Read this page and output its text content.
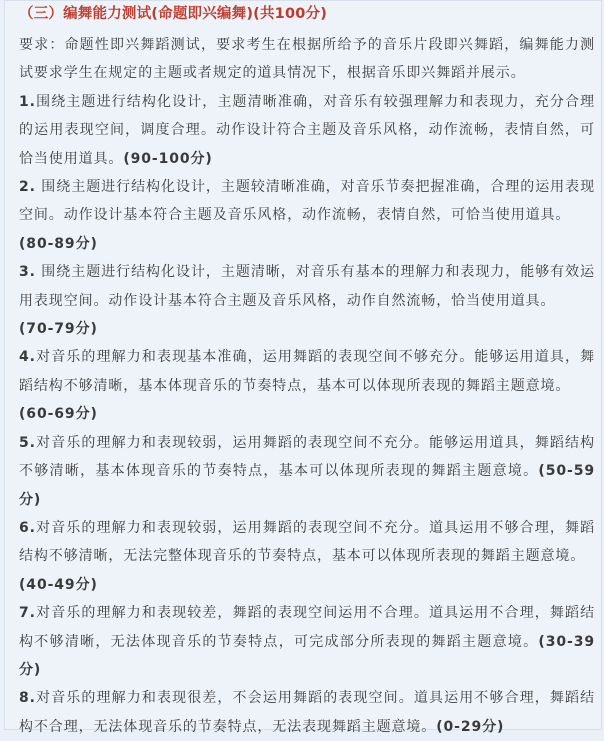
（三）编舞能力测试(命题即兴编舞)(共100分)

要求：命题性即兴舞蹈测试，要求考生在根据所给予的音乐片段即兴舞蹈，编舞能力测试要求学生在规定的主题或者规定的道具情况下，根据音乐即兴舞蹈并展示。

1.围绕主题进行结构化设计，主题清晰准确，对音乐有较强理解力和表现力，充分合理的运用表现空间，调度合理。动作设计符合主题及音乐风格，动作流畅，表情自然，可恰当使用道具。(90-100分)

2. 围绕主题进行结构化设计，主题较清晰准确，对音乐节奏把握准确，合理的运用表现空间。动作设计基本符合主题及音乐风格，动作流畅，表情自然，可恰当使用道具。
(80-89分)

3. 围绕主题进行结构化设计，主题清晰，对音乐有基本的理解力和表现力，能够有效运用表现空间。动作设计基本符合主题及音乐风格，动作自然流畅，恰当使用道具。
(70-79分)

4.对音乐的理解力和表现基本准确，运用舞蹈的表现空间不够充分。能够运用道具，舞蹈结构不够清晰，基本体现音乐的节奏特点，基本可以体现所表现的舞蹈主题意境。
(60-69分)

5.对音乐的理解力和表现较弱，运用舞蹈的表现空间不充分。能够运用道具，舞蹈结构不够清晰，基本体现音乐的节奏特点，基本可以体现所表现的舞蹈主题意境。(50-59分)

6.对音乐的理解力和表现较弱，运用舞蹈的表现空间不充分。道具运用不够合理，舞蹈结构不够清晰，无法完整体现音乐的节奏特点，基本可以体现所表现的舞蹈主题意境。
(40-49分)

7.对音乐的理解力和表现较差，舞蹈的表现空间运用不合理。道具运用不合理，舞蹈结构不够清晰，无法体现音乐的节奏特点，可完成部分所表现的舞蹈主题意境。(30-39分)

8.对音乐的理解力和表现很差，不会运用舞蹈的表现空间。道具运用不够合理，舞蹈结构不合理，无法体现音乐的节奏特点，无法表现舞蹈主题意境。(0-29分)
